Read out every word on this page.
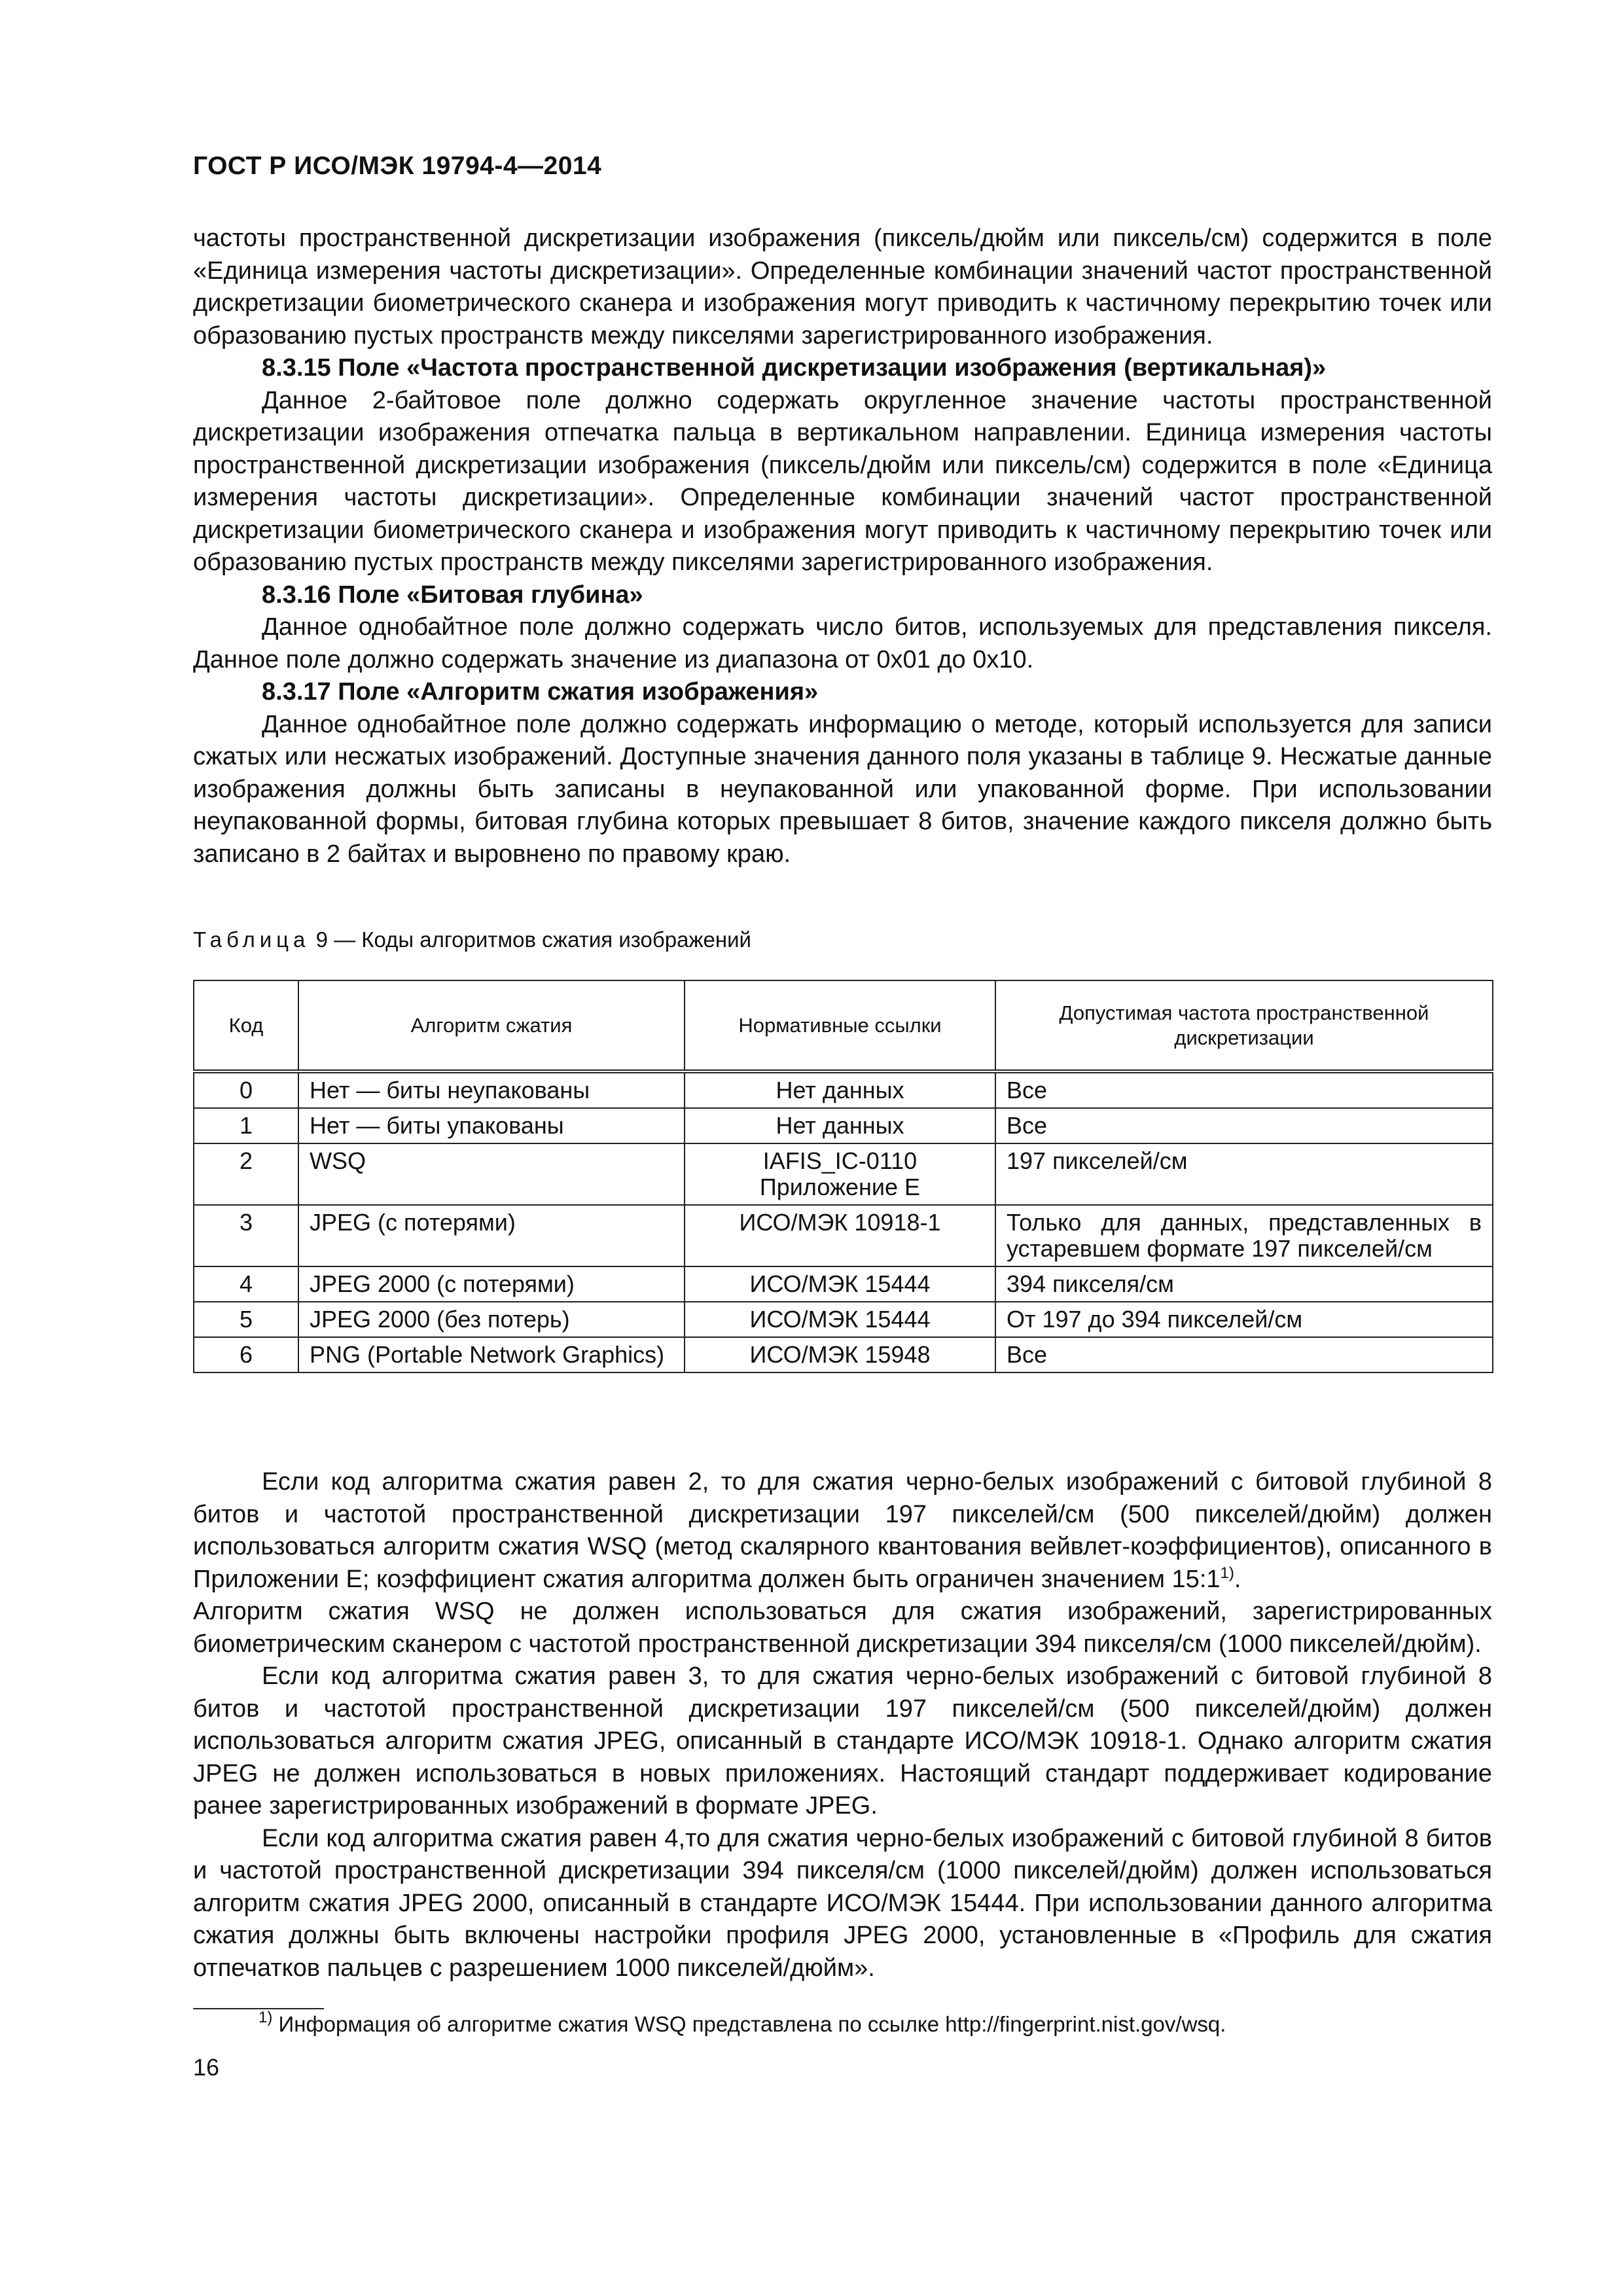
ГОСТ Р ИСО/МЭК 19794-4—2014

частоты пространственной дискретизации изображения (пиксель/дюйм или пиксель/см) содержится в поле «Единица измерения частоты дискретизации». Определенные комбинации значений частот пространственной дискретизации биометрического сканера и изображения могут приводить к частичному перекрытию точек или образованию пустых пространств между пикселями зарегистрированного изображения.

8.3.15 Поле «Частота пространственной дискретизации изображения (вертикальная)»

Данное 2-байтовое поле должно содержать округленное значение частоты пространственной дискретизации изображения отпечатка пальца в вертикальном направлении. Единица измерения частоты пространственной дискретизации изображения (пиксель/дюйм или пиксель/см) содержится в поле «Единица измерения частоты дискретизации». Определенные комбинации значений частот пространственной дискретизации биометрического сканера и изображения могут приводить к частичному перекрытию точек или образованию пустых пространств между пикселями зарегистрированного изображения.

8.3.16 Поле «Битовая глубина»

Данное однобайтное поле должно содержать число битов, используемых для представления пикселя. Данное поле должно содержать значение из диапазона от 0x01 до 0x10.

8.3.17 Поле «Алгоритм сжатия изображения»

Данное однобайтное поле должно содержать информацию о методе, который используется для записи сжатых или несжатых изображений. Доступные значения данного поля указаны в таблице 9. Несжатые данные изображения должны быть записаны в неупакованной или упакованной форме. При использовании неупакованной формы, битовая глубина которых превышает 8 битов, значение каждого пикселя должно быть записано в 2 байтах и выровнено по правому краю.

Таблица 9 — Коды алгоритмов сжатия изображений
Код	Алгоритм сжатия	Нормативные ссылки	Допустимая частота пространственной дискретизации
0	Нет — биты неупакованы	Нет данных	Все
1	Нет — биты упакованы	Нет данных	Все
2	WSQ	IAFIS_IC-0110 Приложение E	197 пикселей/см
3	JPEG (с потерями)	ИСО/МЭК 10918-1	Только для данных, представленных в устаревшем формате 197 пикселей/см
4	JPEG 2000 (с потерями)	ИСО/МЭК 15444	394 пикселя/см
5	JPEG 2000 (без потерь)	ИСО/МЭК 15444	От 197 до 394 пикселей/см
6	PNG (Portable Network Graphics)	ИСО/МЭК 15948	Все

Если код алгоритма сжатия равен 2, то для сжатия черно-белых изображений с битовой глубиной 8 битов и частотой пространственной дискретизации 197 пикселей/см (500 пикселей/дюйм) должен использоваться алгоритм сжатия WSQ (метод скалярного квантования вейвлет-коэффициентов), описанного в Приложении E; коэффициент сжатия алгоритма должен быть ограничен значением 15:1$^{1)}$.

Алгоритм сжатия WSQ не должен использоваться для сжатия изображений, зарегистрированных биометрическим сканером с частотой пространственной дискретизации 394 пикселя/см (1000 пикселей/дюйм).

Если код алгоритма сжатия равен 3, то для сжатия черно-белых изображений с битовой глубиной 8 битов и частотой пространственной дискретизации 197 пикселей/см (500 пикселей/дюйм) должен использоваться алгоритм сжатия JPEG, описанный в стандарте ИСО/МЭК 10918-1. Однако алгоритм сжатия JPEG не должен использоваться в новых приложениях. Настоящий стандарт поддерживает кодирование ранее зарегистрированных изображений в формате JPEG.

Если код алгоритма сжатия равен 4,то для сжатия черно-белых изображений с битовой глубиной 8 битов и частотой пространственной дискретизации 394 пикселя/см (1000 пикселей/дюйм) должен использоваться алгоритм сжатия JPEG 2000, описанный в стандарте ИСО/МЭК 15444. При использовании данного алгоритма сжатия должны быть включены настройки профиля JPEG 2000, установленные в «Профиль для сжатия отпечатков пальцев с разрешением 1000 пикселей/дюйм».

$^{1)}$ Информация об алгоритме сжатия WSQ представлена по ссылке http://fingerprint.nist.gov/wsq.
16
